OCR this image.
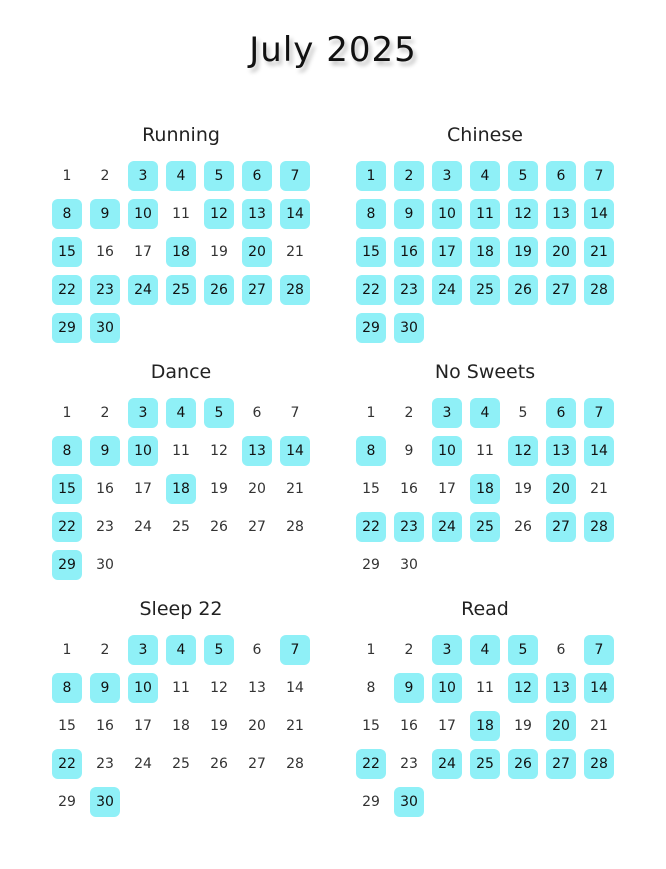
July 2025
Running
1	2	3	4	5	6	7
8	9	10	11	12	13	14
15	16	17	18	19	20	21
22	23	24	25	26	27	28
29	30
Chinese
1	2	3	4	5	6	7
8	9	10	11	12	13	14
15	16	17	18	19	20	21
22	23	24	25	26	27	28
29	30
Dance
1	2	3	4	5	6	7
8	9	10	11	12	13	14
15	16	17	18	19	20	21
22	23	24	25	26	27	28
29	30
No Sweets
1	2	3	4	5	6	7
8	9	10	11	12	13	14
15	16	17	18	19	20	21
22	23	24	25	26	27	28
29	30
Sleep 22
1	2	3	4	5	6	7
8	9	10	11	12	13	14
15	16	17	18	19	20	21
22	23	24	25	26	27	28
29	30
Read
1	2	3	4	5	6	7
8	9	10	11	12	13	14
15	16	17	18	19	20	21
22	23	24	25	26	27	28
29	30
